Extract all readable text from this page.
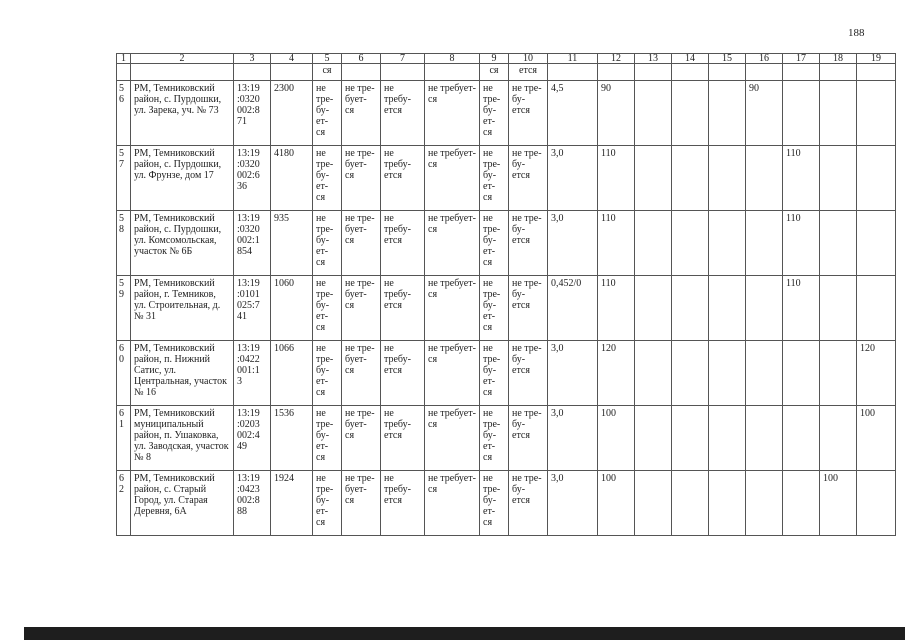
188
1	2	3	4	5	6	7	8	9	10	11	12	13	14	15	16	17	18	19
				ся				ся	ется									
5 6	РМ, Темниковский район, с. Пурдошки, ул. Зарека, уч. № 73	13:19 :0320 002:8 71	2300	не тре- бу- ет- ся	не тре- бует- ся	не требу- ется	не требует- ся	не тре- бу- ет- ся	не тре- бу- ется	4,5	90				90			
5 7	РМ, Темниковский район, с. Пурдошки, ул. Фрунзе, дом 17	13:19 :0320 002:6 36	4180	не тре- бу- ет- ся	не тре- бует- ся	не требу- ется	не требует- ся	не тре- бу- ет- ся	не тре- бу- ется	3,0	110					110		
5 8	РМ, Темниковский район, с. Пурдошки, ул. Комсомольская, участок № 6Б	13:19 :0320 002:1 854	935	не тре- бу- ет- ся	не тре- бует- ся	не требу- ется	не требует- ся	не тре- бу- ет- ся	не тре- бу- ется	3,0	110					110		
5 9	РМ, Темниковский район, г. Темников, ул. Строительная, д. № 31	13:19 :0101 025:7 41	1060	не тре- бу- ет- ся	не тре- бует- ся	не требу- ется	не требует- ся	не тре- бу- ет- ся	не тре- бу- ется	0,452/0	110					110		
6 0	РМ, Темниковский район, п. Нижний Сатис, ул. Центральная, участок № 16	13:19 :0422 001:1 3	1066	не тре- бу- ет- ся	не тре- бует- ся	не требу- ется	не требует- ся	не тре- бу- ет- ся	не тре- бу- ется	3,0	120							120
6 1	РМ, Темниковский муниципальный район, п. Ушаковка, ул. Заводская, участок № 8	13:19 :0203 002:4 49	1536	не тре- бу- ет- ся	не тре- бует- ся	не требу- ется	не требует- ся	не тре- бу- ет- ся	не тре- бу- ется	3,0	100							100
6 2	РМ, Темниковский район, с. Старый Город, ул. Старая Деревня, 6А	13:19 :0423 002:8 88	1924	не тре- бу- ет- ся	не тре- бует- ся	не требу- ется	не требует- ся	не тре- бу- ет- ся	не тре- бу- ется	3,0	100						100	
